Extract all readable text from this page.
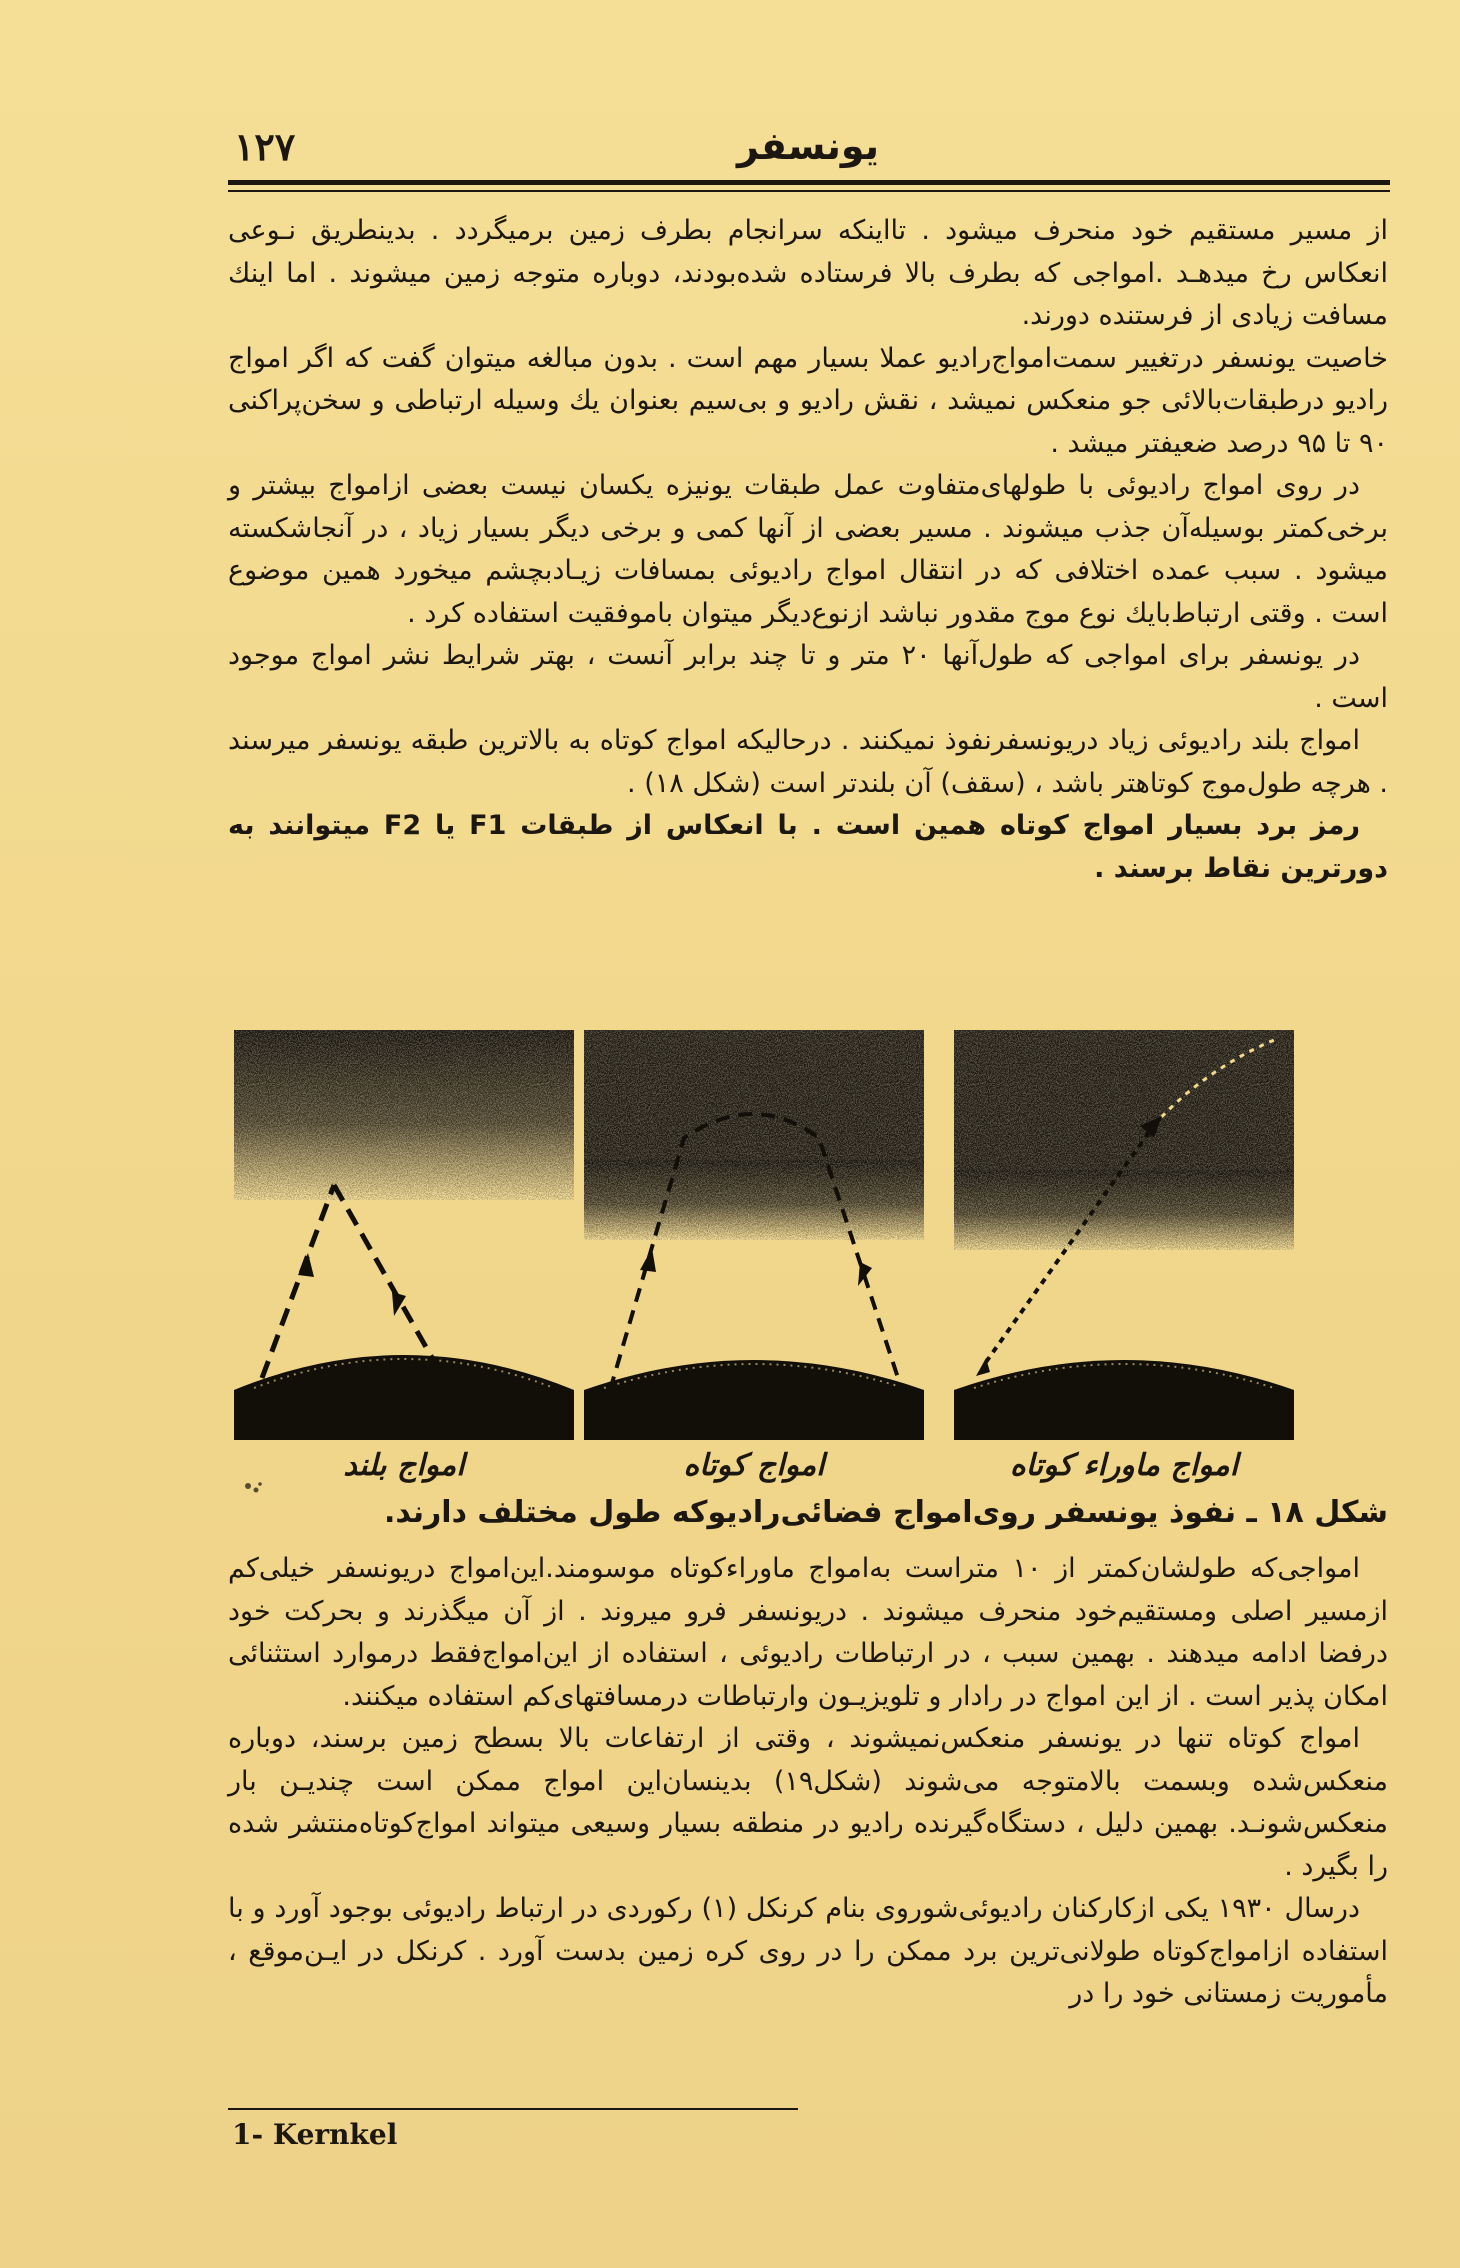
یونسفر
۱۲۷

از مسیر مستقیم خود منحرف میشود . تااینکه سرانجام بطرف زمین برمیگردد . بدینطریق نـوعی انعکاس رخ میدهـد .امواجی که بطرف بالا فرستاده شده‌بودند، دوباره متوجه زمین میشوند . اما اینك مسافت زیادی از فرستنده دورند.

خاصیت یونسفر درتغییر سمت‌امواج‌رادیو عملا بسیار مهم است . بدون مبالغه میتوان گفت که اگر امواج رادیو درطبقات‌بالائی جو منعکس نمیشد ، نقش رادیو و بی‌سیم بعنوان یك وسیله ارتباطی و سخن‌پراکنی ۹۰ تا ۹۵ درصد ضعیفتر میشد .

در روی امواج رادیوئی با طولهای‌متفاوت عمل طبقات یونیزه یکسان نیست بعضی ازامواج بیشتر و برخی‌کمتر بوسیله‌آن جذب میشوند . مسیر بعضی از آنها کمی و برخی دیگر بسیار زیاد ، در آنجاشکسته میشود . سبب عمده اختلافی که در انتقال امواج رادیوئی بمسافات زیـادبچشم میخورد همین موضوع است . وقتی ارتباط‌بایك نوع موج مقدور نباشد ازنوع‌دیگر میتوان باموفقیت استفاده کرد .

در یونسفر برای امواجی که طول‌آنها ۲۰ متر و تا چند برابر آنست ، بهتر شرایط نشر امواج موجود است .

امواج بلند رادیوئی زیاد دریونسفرنفوذ نمیکنند . درحالیکه امواج کوتاه به بالاترین طبقه یونسفر میرسند . هرچه طول‌موج کوتاهتر باشد ، (سقف) آن بلندتر است (شکل ۱۸) .

رمز برد بسیار امواج کوتاه همین است . با انعکاس از طبقات F1 یا F2 میتوانند به دورترین نقاط برسند .

امواج بلند	امواج کوتاه	امواج ماوراء کوتاه
شکل ۱۸ ـ نفوذ یونسفر روی‌امواج فضائی‌رادیوکه طول مختلف دارند.

امواجی‌که طولشان‌کمتر از ۱۰ متراست به‌امواج ماوراءکوتاه موسومند.این‌امواج دریونسفر خیلی‌کم ازمسیر اصلی ومستقیم‌خود منحرف میشوند . دریونسفر فرو میروند . از آن میگذرند و بحرکت خود درفضا ادامه میدهند . بهمین سبب ، در ارتباطات رادیوئی ، استفاده از این‌امواج‌فقط درموارد استثنائی امکان پذیر است . از این امواج در رادار و تلویزیـون وارتباطات درمسافتهای‌کم استفاده میکنند.

امواج کوتاه تنها در یونسفر منعکس‌نمیشوند ، وقتی از ارتفاعات بالا بسطح زمین برسند، دوباره منعکس‌شده وبسمت بالامتوجه می‌شوند (شکل۱۹) بدینسان‌این امواج ممکن است چندیـن بار منعکس‌شونـد. بهمین دلیل ، دستگاه‌گیرنده رادیو در منطقه بسیار وسیعی میتواند امواج‌کوتاه‌منتشر شده را بگیرد .

درسال ۱۹۳۰ یکی ازکارکنان رادیوئی‌شوروی بنام کرنکل (۱) رکوردی در ارتباط رادیوئی بوجود آورد و با استفاده ازامواج‌کوتاه طولانی‌ترین برد ممکن را در روی کره زمین بدست آورد . کرنکل در ایـن‌موقع ، مأموریت زمستانی خود را در

1- Kernkel
